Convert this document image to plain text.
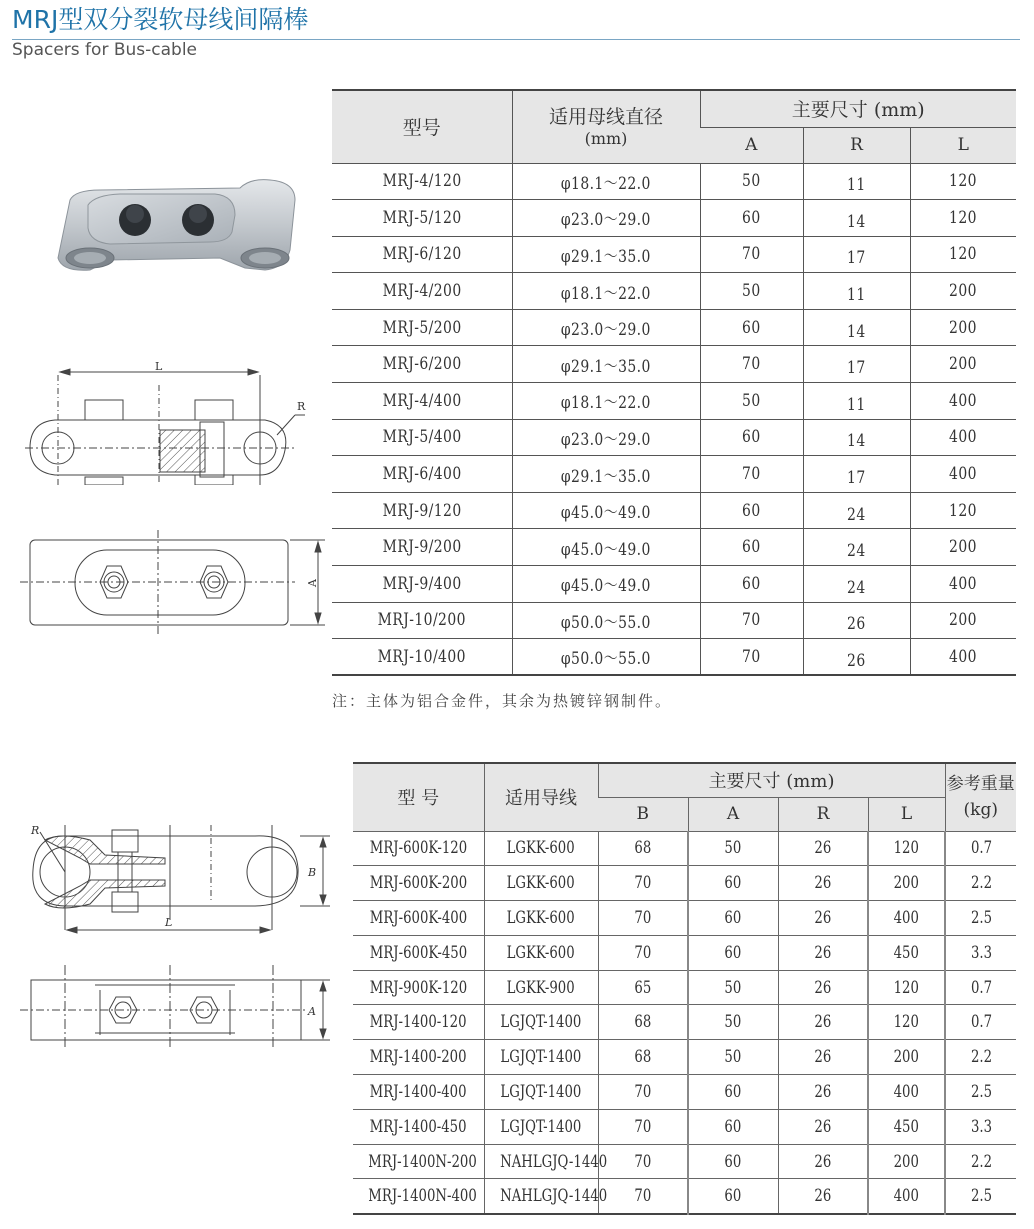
MRJ型双分裂软母线间隔棒
Spacers for Bus-cable
L
R
A
L
B
R
A
型号	适用母线直径
(mm)	主要尺寸 (mm)		
		A	R	L
MRJ-4/120	φ18.1～22.0	50	11	120
MRJ-5/120	φ23.0～29.0	60	14	120
MRJ-6/120	φ29.1～35.0	70	17	120
MRJ-4/200	φ18.1～22.0	50	11	200
MRJ-5/200	φ23.0～29.0	60	14	200
MRJ-6/200	φ29.1～35.0	70	17	200
MRJ-4/400	φ18.1～22.0	50	11	400
MRJ-5/400	φ23.0～29.0	60	14	400
MRJ-6/400	φ29.1～35.0	70	17	400
MRJ-9/120	φ45.0～49.0	60	24	120
MRJ-9/200	φ45.0～49.0	60	24	200
MRJ-9/400	φ45.0～49.0	60	24	400
MRJ-10/200	φ50.0～55.0	70	26	200
MRJ-10/400	φ50.0～55.0	70	26	400
注：主体为铝合金件，其余为热镀锌钢制件。
型 号	适用导线	主要尺寸 (mm)				参考重量
(kg)

		B	A	R	L	
MRJ-600K-120	LGKK-600	68	50	26	120	0.7
MRJ-600K-200	LGKK-600	70	60	26	200	2.2
MRJ-600K-400	LGKK-600	70	60	26	400	2.5
MRJ-600K-450	LGKK-600	70	60	26	450	3.3
MRJ-900K-120	LGKK-900	65	50	26	120	0.7
MRJ-1400-120	LGJQT-1400	68	50	26	120	0.7
MRJ-1400-200	LGJQT-1400	68	50	26	200	2.2
MRJ-1400-400	LGJQT-1400	70	60	26	400	2.5
MRJ-1400-450	LGJQT-1400	70	60	26	450	3.3
MRJ-1400N-200	NAHLGJQ-1440	70	60	26	200	2.2
MRJ-1400N-400	NAHLGJQ-1440	70	60	26	400	2.5
